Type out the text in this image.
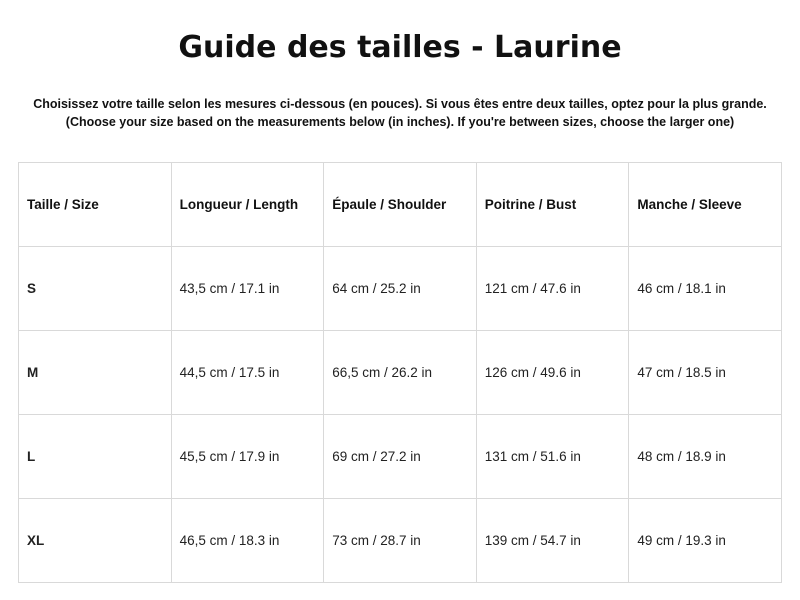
Guide des tailles - Laurine
Choisissez votre taille selon les mesures ci-dessous (en pouces). Si vous êtes entre deux tailles, optez pour la plus grande.
(Choose your size based on the measurements below (in inches). If you're between sizes, choose the larger one)
Taille / Size	Longueur / Length	Épaule / Shoulder	Poitrine / Bust	Manche / Sleeve
S	43,5 cm / 17.1 in	64 cm / 25.2 in	121 cm / 47.6 in	46 cm / 18.1 in
M	44,5 cm / 17.5 in	66,5 cm / 26.2 in	126 cm / 49.6 in	47 cm / 18.5 in
L	45,5 cm / 17.9 in	69 cm / 27.2 in	131 cm / 51.6 in	48 cm / 18.9 in
XL	46,5 cm / 18.3 in	73 cm / 28.7 in	139 cm / 54.7 in	49 cm / 19.3 in
